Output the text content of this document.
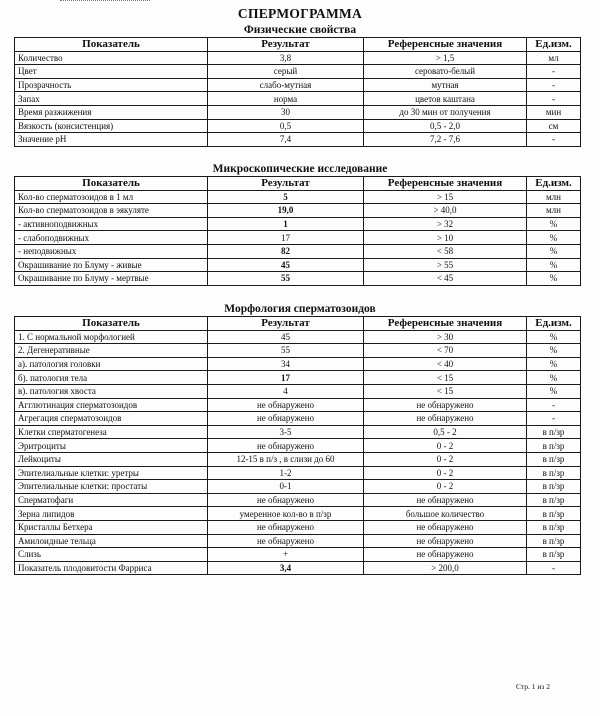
СПЕРМОГРАММА
Физические свойства
Показатель	Результат	Референсные значения	Ед.изм.
Количество	3,8	> 1,5	мл
Цвет	серый	серовато-белый	-
Прозрачность	слабо-мутная	мутная	-
Запах	норма	цветов каштана	-
Время разжижения	30	до 30 мин от получения	мин
Вязкость (консистенция)	0,5	0,5 - 2,0	см
Значение pH	7,4	7,2 - 7,6	-
Микроскопические исследование
Показатель	Результат	Референсные значения	Ед.изм.
Кол-во сперматозоидов в 1 мл	5	> 15	млн
Кол-во сперматозоидов в эякуляте	19,0	> 40,0	млн
- активноподвижных	1	> 32	%
- слабоподвижных	17	> 10	%
- неподвижных	82	< 58	%
Окрашивание по Блуму - живые	45	> 55	%
Окрашивание по Блуму - мертвые	55	< 45	%
Морфология сперматозоидов
Показатель	Результат	Референсные значения	Ед.изм.
1. С нормальной морфологией	45	> 30	%
2. Дегенеративные	55	< 70	%
а). патология головки	34	< 40	%
б). патология тела	17	< 15	%
в). патология хвоста	4	< 15	%
Агглютинация сперматозоидов	не обнаружено	не обнаружено	-
Агрегация сперматозоидов	не обнаружено	не обнаружено	-
Клетки сперматогенеза	3-5	0,5 - 2	в п/зр
Эритроциты	не обнаружено	0 - 2	в п/зр
Лейкоциты	12-15 в п/з , в слизи до 60	0 - 2	в п/зр
Эпителиальные клетки: уретры	1-2	0 - 2	в п/зр
Эпителиальные клетки: простаты	0-1	0 - 2	в п/зр
Сперматофаги	не обнаружено	не обнаружено	в п/зр
Зерна липидов	умеренное кол-во в п/зр	большое количество	в п/зр
Кристаллы Бетхера	не обнаружено	не обнаружено	в п/зр
Амилоидные тельца	не обнаружено	не обнаружено	в п/зр
Слизь	+	не обнаружено	в п/зр
Показатель плодовитости Фарриса	3,4	> 200,0	-
Стр. 1 из 2
